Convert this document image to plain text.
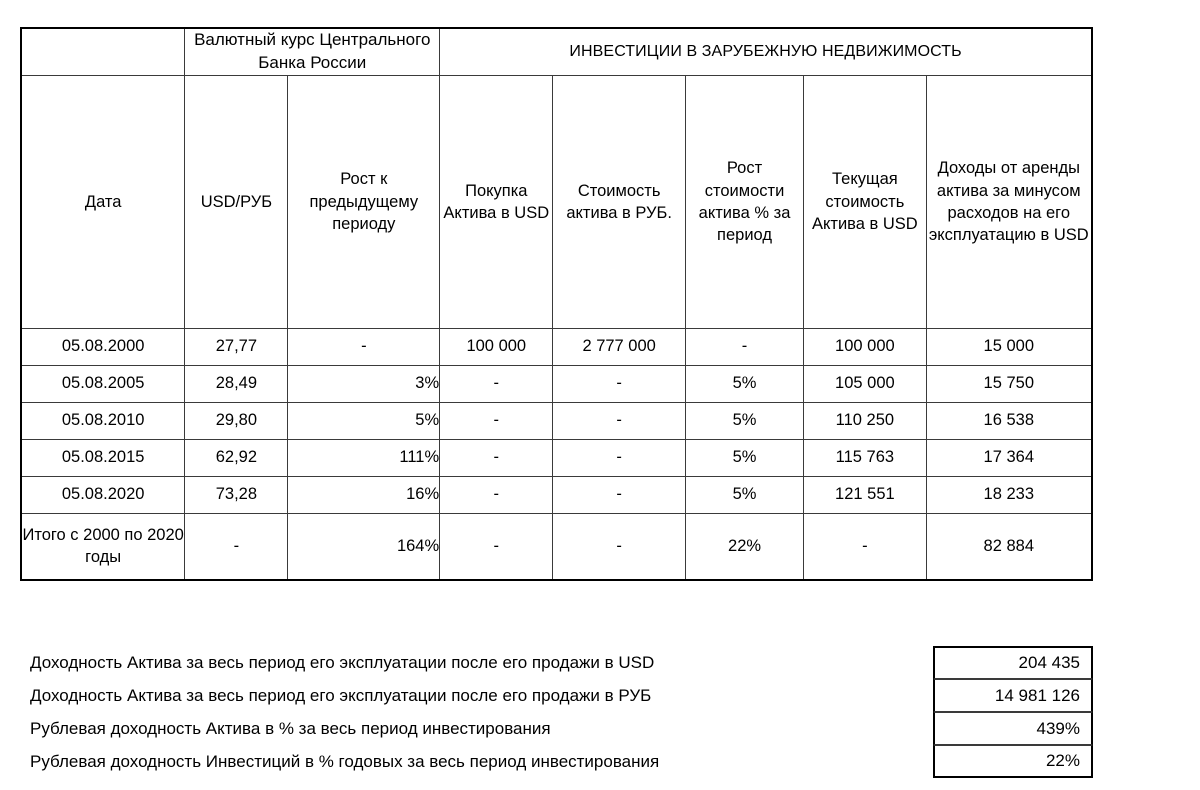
	Валютный курс Центрального Банка России		ИНВЕСТИЦИИ В ЗАРУБЕЖНУЮ НЕДВИЖИМОСТЬ				
Дата	USD/РУБ	Рост к предыдущему периоду	Покупка Актива в USD	Стоимость актива в РУБ.	Рост стоимости актива % за период	Текущая стоимость Актива в USD	Доходы от аренды актива за минусом расходов на его эксплуатацию в USD
05.08.2000	27,77	-	100 000	2 777 000	-	100 000	15 000
05.08.2005	28,49	3%	-	-	5%	105 000	15 750
05.08.2010	29,80	5%	-	-	5%	110 250	16 538
05.08.2015	62,92	111%	-	-	5%	115 763	17 364
05.08.2020	73,28	16%	-	-	5%	121 551	18 233
Итого с 2000 по 2020 годы	-	164%	-	-	22%	-	82 884
Доходность Актива за весь период его эксплуатации после его продажи в USD	204 435
Доходность Актива за весь период его эксплуатации после его продажи в РУБ	14 981 126
Рублевая доходность Актива в % за весь период инвестирования	439%
Рублевая доходность Инвестиций в % годовых за весь период инвестирования	22%
